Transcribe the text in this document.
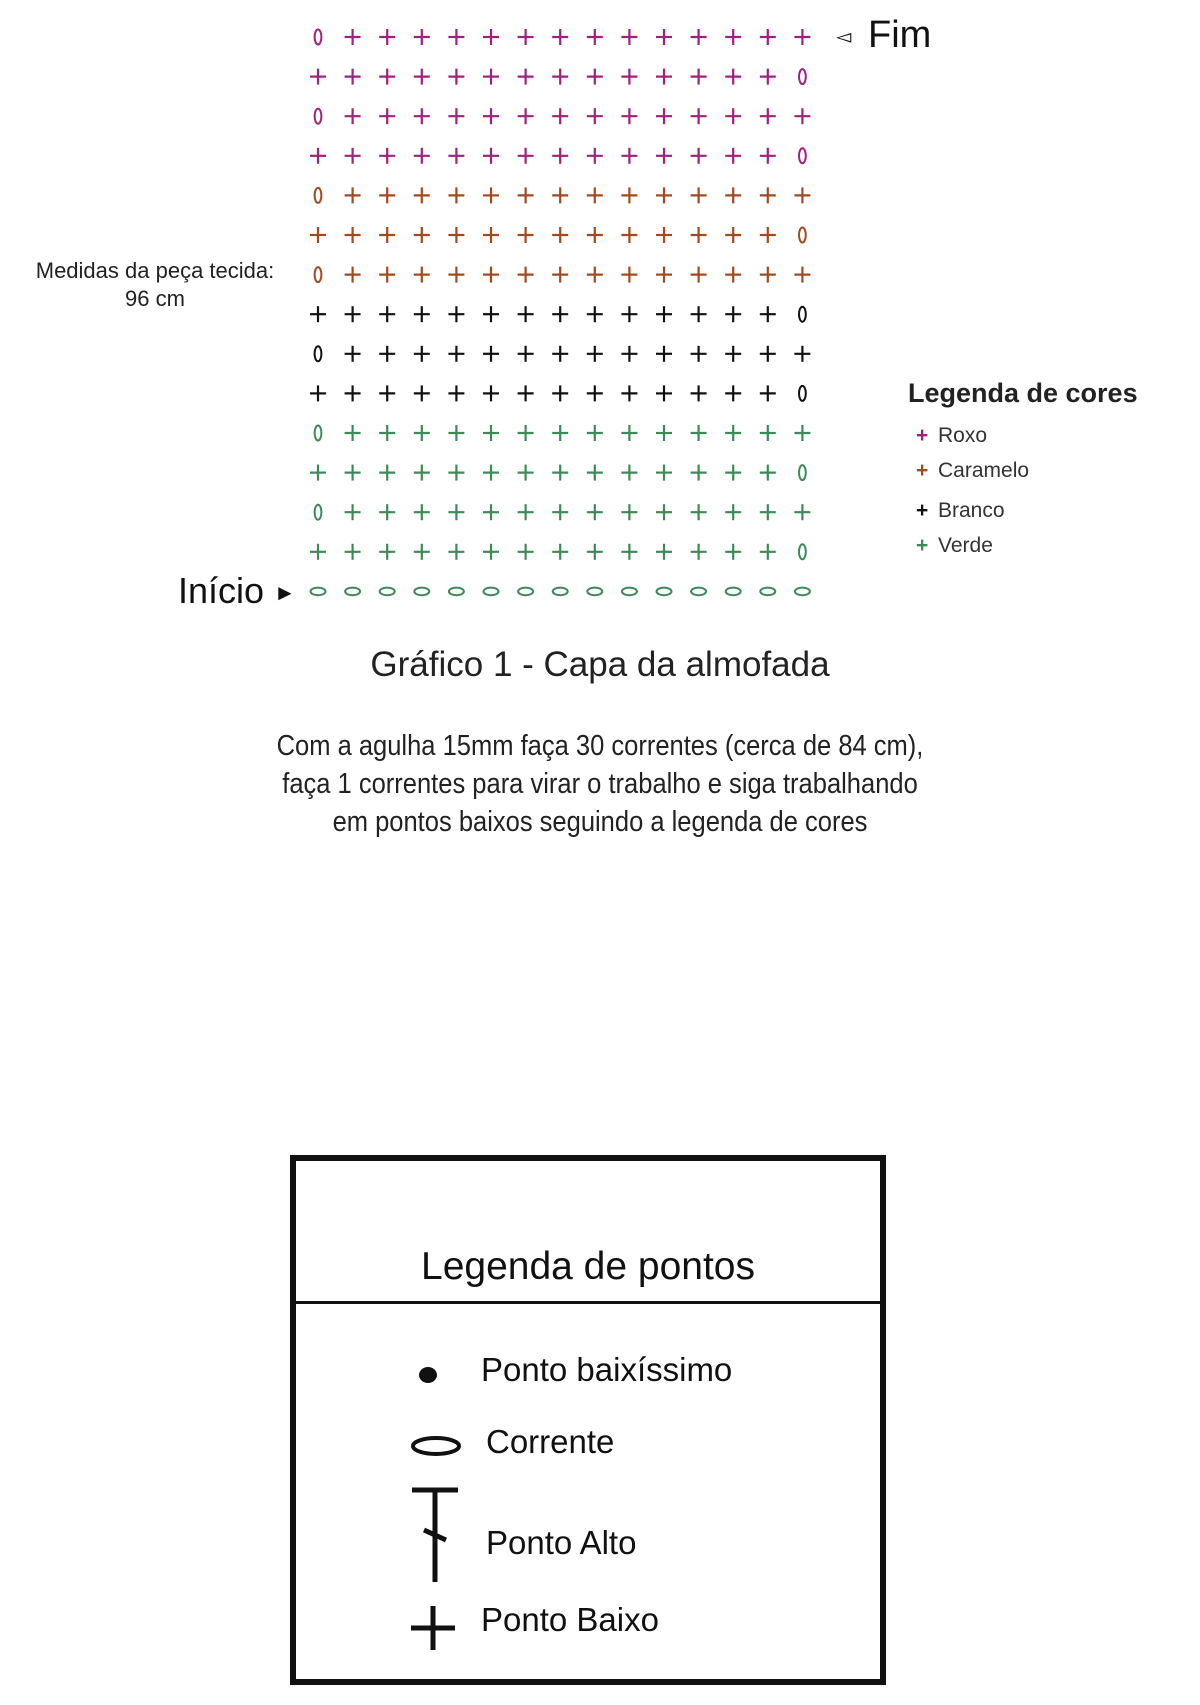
◅ Fim
Início ►
Medidas da peça tecida:
96 cm
Legenda de cores
+ Roxo
+ Caramelo
+ Branco
+ Verde
Gráfico 1 - Capa da almofada
Com a agulha 15mm faça 30 correntes (cerca de 84 cm),
faça 1 correntes para virar o trabalho e siga trabalhando
em pontos baixos seguindo a legenda de cores
Legenda de pontos
Ponto baixíssimo
Corrente
Ponto Alto
Ponto Baixo
